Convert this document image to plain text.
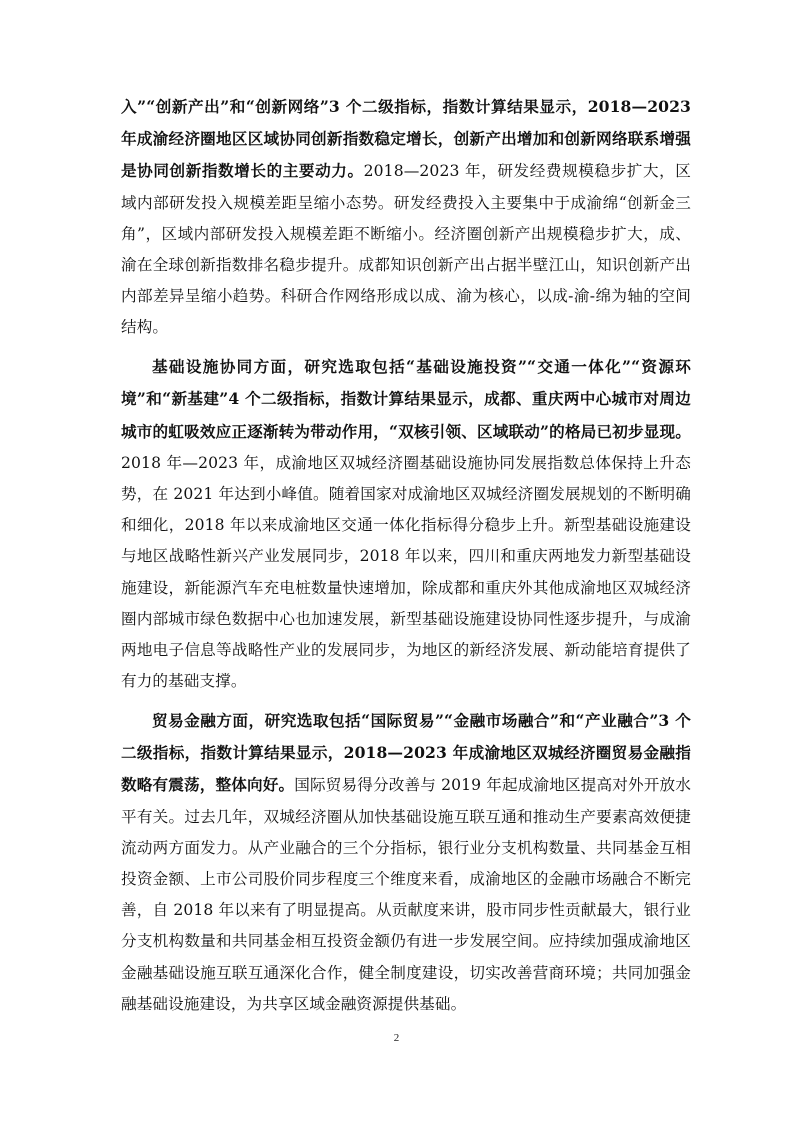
入”“创新产出”和“创新网络”3 个二级指标，指数计算结果显示，2018—2023 年成渝经济圈地区区域协同创新指数稳定增长，创新产出增加和创新网络联系增强是协同创新指数增长的主要动力。2018—2023 年，研发经费规模稳步扩大，区域内部研发投入规模差距呈缩小态势。研发经费投入主要集中于成渝绵“创新金三角”，区域内部研发投入规模差距不断缩小。经济圈创新产出规模稳步扩大，成、渝在全球创新指数排名稳步提升。成都知识创新产出占据半壁江山，知识创新产出内部差异呈缩小趋势。科研合作网络形成以成、渝为核心，以成-渝-绵为轴的空间结构。

基础设施协同方面，研究选取包括“基础设施投资”“交通一体化”“资源环境”和“新基建”4 个二级指标，指数计算结果显示，成都、重庆两中心城市对周边城市的虹吸效应正逐渐转为带动作用，“双核引领、区域联动”的格局已初步显现。2018 年—2023 年，成渝地区双城经济圈基础设施协同发展指数总体保持上升态势，在 2021 年达到小峰值。随着国家对成渝地区双城经济圈发展规划的不断明确和细化，2018 年以来成渝地区交通一体化指标得分稳步上升。新型基础设施建设与地区战略性新兴产业发展同步，2018 年以来，四川和重庆两地发力新型基础设施建设，新能源汽车充电桩数量快速增加，除成都和重庆外其他成渝地区双城经济圈内部城市绿色数据中心也加速发展，新型基础设施建设协同性逐步提升，与成渝两地电子信息等战略性产业的发展同步，为地区的新经济发展、新动能培育提供了有力的基础支撑。

贸易金融方面，研究选取包括“国际贸易”“金融市场融合”和“产业融合”3 个二级指标，指数计算结果显示，2018—2023 年成渝地区双城经济圈贸易金融指数略有震荡，整体向好。国际贸易得分改善与 2019 年起成渝地区提高对外开放水平有关。过去几年，双城经济圈从加快基础设施互联互通和推动生产要素高效便捷流动两方面发力。从产业融合的三个分指标，银行业分支机构数量、共同基金互相投资金额、上市公司股价同步程度三个维度来看，成渝地区的金融市场融合不断完善，自 2018 年以来有了明显提高。从贡献度来讲，股市同步性贡献最大，银行业分支机构数量和共同基金相互投资金额仍有进一步发展空间。应持续加强成渝地区金融基础设施互联互通深化合作，健全制度建设，切实改善营商环境；共同加强金融基础设施建设，为共享区域金融资源提供基础。

2
